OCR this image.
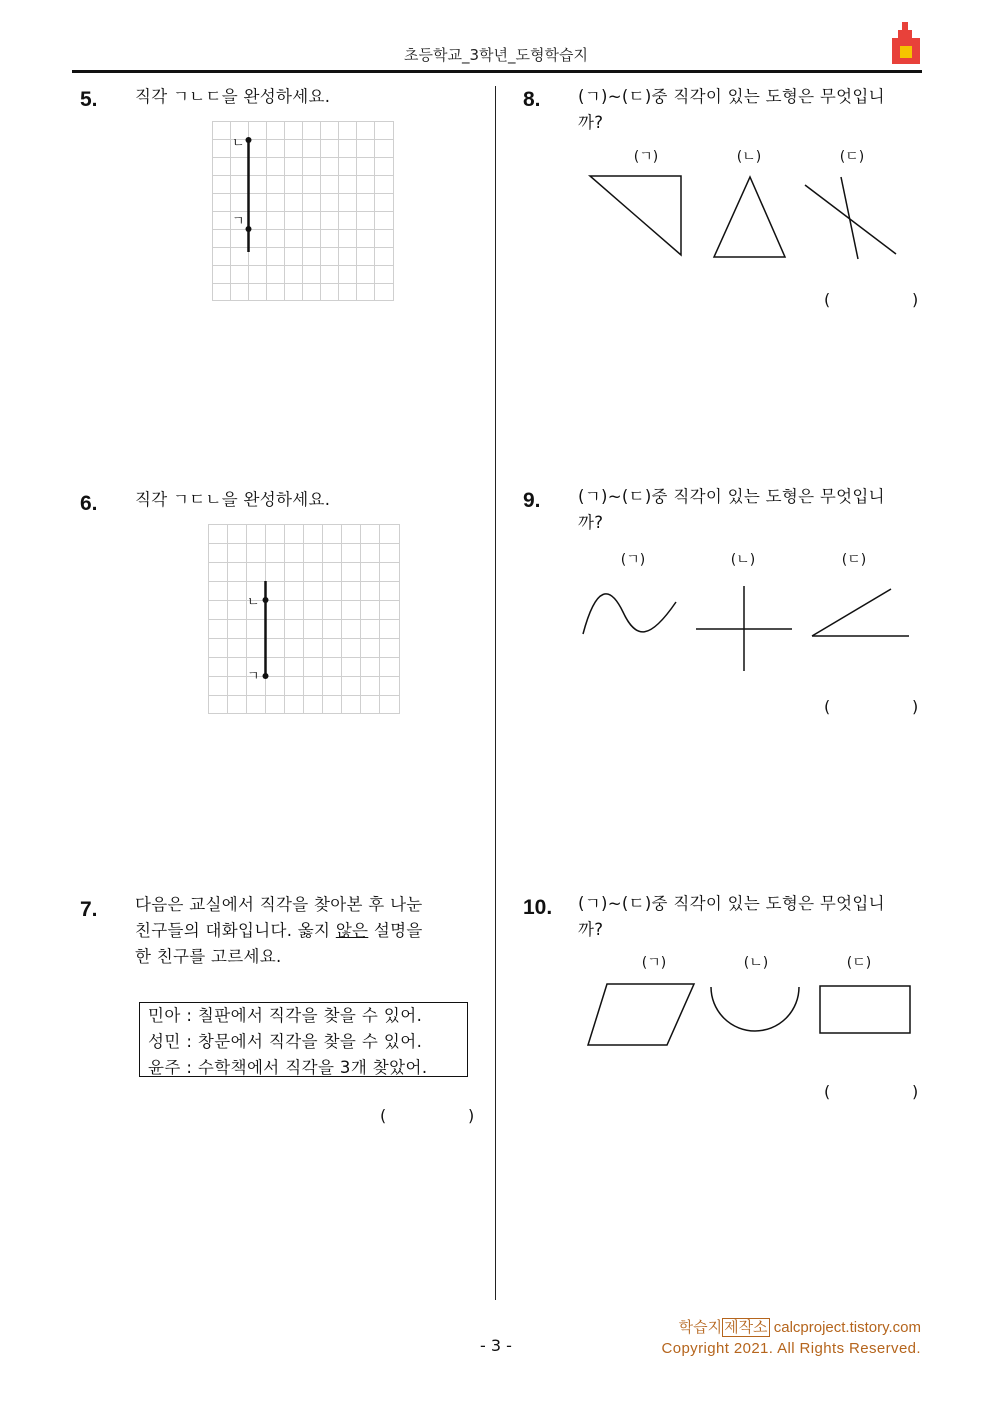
초등학교_3학년_도형학습지
5. 직각 ㄱㄴㄷ을 완성하세요.
ㄴ
ㄱ
6. 직각 ㄱㄷㄴ을 완성하세요.
ㄴ
ㄱ
7. 다음은 교실에서 직각을 찾아본 후 나눈
친구들의 대화입니다. 옳지 않은 설명을
한 친구를 고르세요.
민아 : 칠판에서 직각을 찾을 수 있어.
성민 : 창문에서 직각을 찾을 수 있어.
윤주 : 수학책에서 직각을 3개 찾았어.
(	)
8. (ㄱ)~(ㄷ)중 직각이 있는 도형은 무엇입니
까?
(ㄱ)	(ㄴ)	(ㄷ)
(	)
9. (ㄱ)~(ㄷ)중 직각이 있는 도형은 무엇입니
까?
(ㄱ)	(ㄴ)	(ㄷ)
(	)
10. (ㄱ)~(ㄷ)중 직각이 있는 도형은 무엇입니
까?
(ㄱ)	(ㄴ)	(ㄷ)
(	)
학습지 제작소 calcproject.tistory.com
Copyright 2021. All Rights Reserved.
- 3 -
